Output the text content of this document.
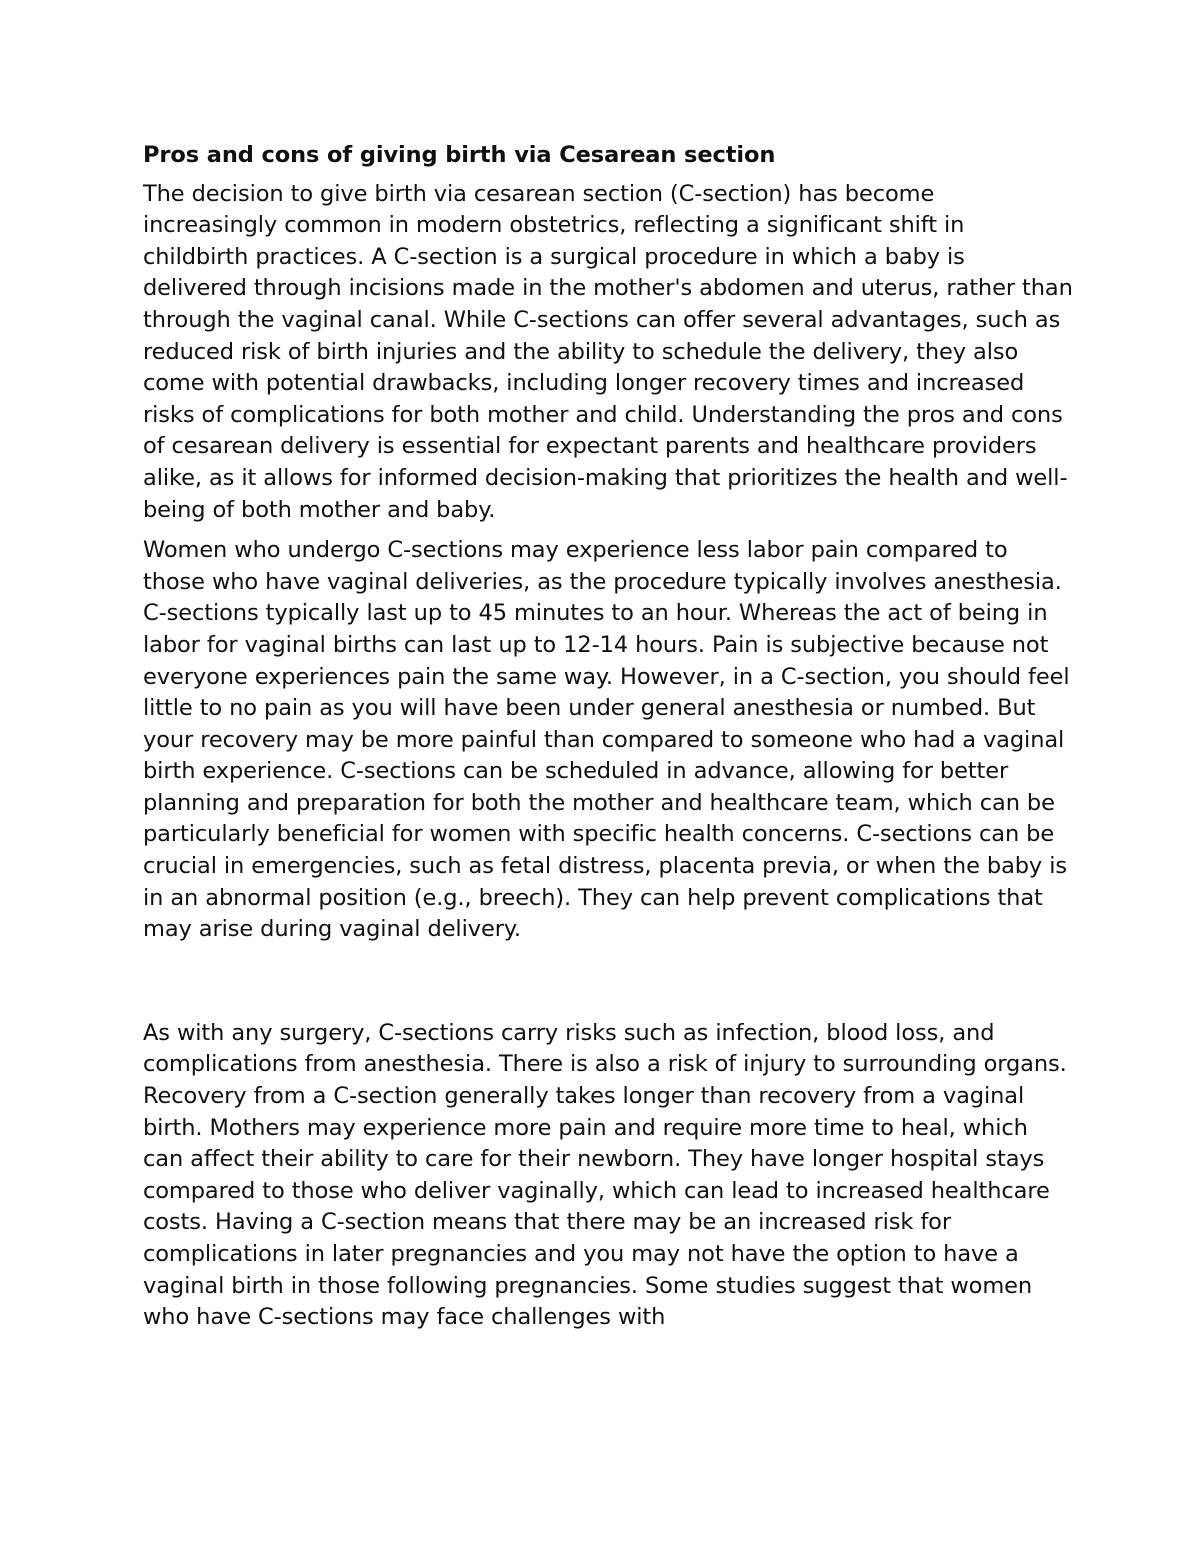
Pros and cons of giving birth via Cesarean section

The decision to give birth via cesarean section (C-section) has become increasingly common in modern obstetrics, reflecting a significant shift in childbirth practices. A C-section is a surgical procedure in which a baby is delivered through incisions made in the mother's abdomen and uterus, rather than through the vaginal canal. While C-sections can offer several advantages, such as reduced risk of birth injuries and the ability to schedule the delivery, they also come with potential drawbacks, including longer recovery times and increased risks of complications for both mother and child. Understanding the pros and cons of cesarean delivery is essential for expectant parents and healthcare providers alike, as it allows for informed decision-making that prioritizes the health and well-being of both mother and baby.

Women who undergo C-sections may experience less labor pain compared to those who have vaginal deliveries, as the procedure typically involves anesthesia. C-sections typically last up to 45 minutes to an hour. Whereas the act of being in labor for vaginal births can last up to 12-14 hours. Pain is subjective because not everyone experiences pain the same way. However, in a C-section, you should feel little to no pain as you will have been under general anesthesia or numbed. But your recovery may be more painful than compared to someone who had a vaginal birth experience. C-sections can be scheduled in advance, allowing for better planning and preparation for both the mother and healthcare team, which can be particularly beneficial for women with specific health concerns. C-sections can be crucial in emergencies, such as fetal distress, placenta previa, or when the baby is in an abnormal position (e.g., breech). They can help prevent complications that may arise during vaginal delivery.

As with any surgery, C-sections carry risks such as infection, blood loss, and complications from anesthesia. There is also a risk of injury to surrounding organs. Recovery from a C-section generally takes longer than recovery from a vaginal birth. Mothers may experience more pain and require more time to heal, which can affect their ability to care for their newborn. They have longer hospital stays compared to those who deliver vaginally, which can lead to increased healthcare costs. Having a C-section means that there may be an increased risk for complications in later pregnancies and you may not have the option to have a vaginal birth in those following pregnancies. Some studies suggest that women who have C-sections may face challenges with
